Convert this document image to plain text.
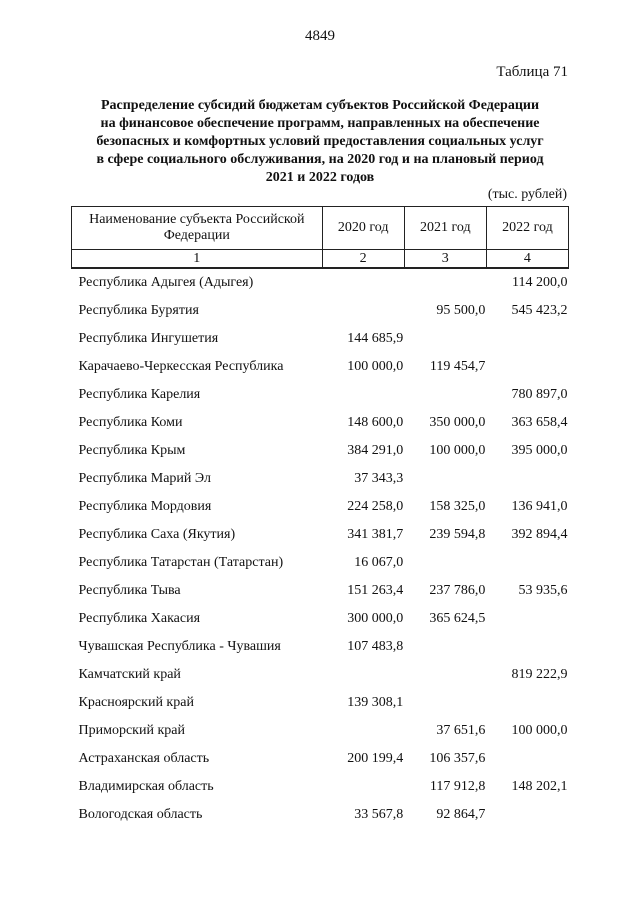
4849
Таблица 71
Распределение субсидий бюджетам субъектов Российской Федерации
на финансовое обеспечение программ, направленных на обеспечение
безопасных и комфортных условий предоставления социальных услуг
в сфере социального обслуживания, на 2020 год и на плановый период
2021 и 2022 годов
(тыс. рублей)
Наименование субъекта Российской Федерации	2020 год	2021 год	2022 год
1	2	3	4
Республика Адыгея (Адыгея)			114 200,0
Республика Бурятия		95 500,0	545 423,2
Республика Ингушетия	144 685,9		
Карачаево-Черкесская Республика	100 000,0	119 454,7	
Республика Карелия			780 897,0
Республика Коми	148 600,0	350 000,0	363 658,4
Республика Крым	384 291,0	100 000,0	395 000,0
Республика Марий Эл	37 343,3		
Республика Мордовия	224 258,0	158 325,0	136 941,0
Республика Саха (Якутия)	341 381,7	239 594,8	392 894,4
Республика Татарстан (Татарстан)	16 067,0		
Республика Тыва	151 263,4	237 786,0	53 935,6
Республика Хакасия	300 000,0	365 624,5	
Чувашская Республика - Чувашия	107 483,8		
Камчатский край			819 222,9
Красноярский край	139 308,1		
Приморский край		37 651,6	100 000,0
Астраханская область	200 199,4	106 357,6	
Владимирская область		117 912,8	148 202,1
Вологодская область	33 567,8	92 864,7	
